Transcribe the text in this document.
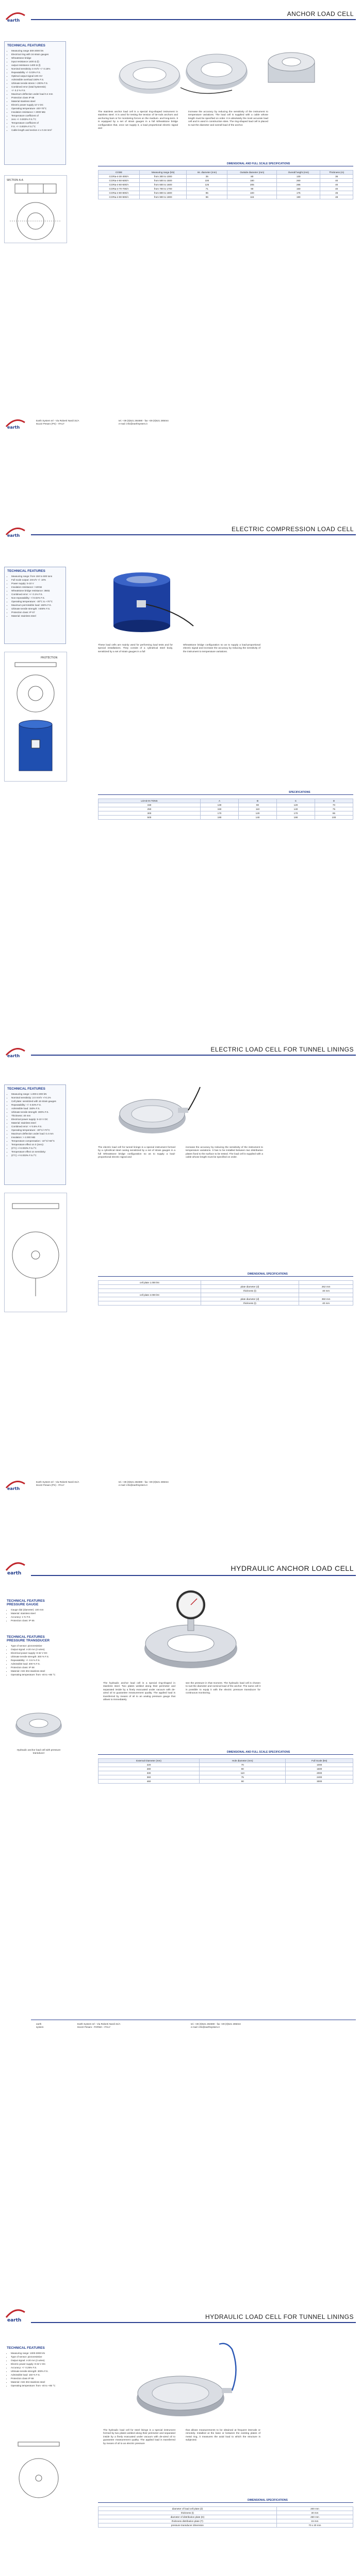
earth
ANCHOR LOAD CELL
TECHNICAL FEATURES
• Measuring range 300-2000 kN
• Electrical ring with 16 strain gauges
• Wheatstone bridge
• input resistance 1400 Ω (l)
• output resistance 1400 Ω (l)
• Nominal sensitivity 2 mV/V +/- 0.15%
• Repeatability +/- 0.03% F.S.
• Optimal output signal 100 mV
• Admissible overload 150% F.S.
• Ultimate tensile stress > 200% F.S.
• Combined error (total hysteresis)
• +/- 0.2 % F.S.
• Maximum deflection under load 0.4 mm
• Protection class IP 68
• Material stainless steel
• Electric power supply 10 V DC
• Operating temperature -20/+70°C
• Insulation resistance > 2000 MΩ
• Temperature coefficient of
• zero +/- 0.003% F.S./°C
• Temperature coefficient of
• F.S. +/- 0.003% F.S./°C
• Cable length and section 4 x 0.34 mm²
SECTION A-A
The stainless anchor load cell is a special ring-shaped instrument in stainless steel. It is used for testing the tension of tie-rods anchors and anchoring bars or for monitoring forces on the medium- and long-term. It is equipped by a set of strain gauges in a full Wheatstone bridge configuration that, once we supply it, a load proportional electric signal and
increase the accuracy by reducing the sensitivity of the instrument to temperature variations. The load cell is supplied with a cable whose length must be specified on order. It is absolutely the most accurate load cell and is used in construction sites. The ring-shaped load cell is placed to suit the diameter and overall load of the anchor.
DIMENSIONAL AND FULL SCALE SPECIFICATIONS
CODE	Measuring range (kN)	Int. diameter (mm)	Outside diameter (mm)	Overall height (mm)	Thickness (m)
CCRta-4-30-300/A	from 300 to 1000	35	80	130	36
CCRta-4-50-500/A	from 500 to 1500	100	180	260	40
CCRta-4-60-600/A	from 600 to 1600	125	205	285	40
CCRta-4-70-700/A	from 700 to 1700	71	90	150	40
CCRta-4-80-800/A	from 800 to 1800	85	100	175	45
CCRta-4-90-900/A	from 900 to 1900	96	115	190	48
earth
Earth System srl - Via Roberti Nardi 31/A
61122 Pesaro (PS) - ITALY
tel. +39 (0)521 284690 - fax +39 (0)521 285044
e-mail: info@earthsystem.it
earth
ELECTRIC COMPRESSION LOAD CELL
TECHNICAL FEATURES
• Measuring range: from 150 to 600 tons
• Full scale output: 2mV/V +/- 10%
• Power supply: 5-10 V
• Insulation resistance: >10GΩ
• Wheatstone bridge resistance: 350Ω
• Combined error: +/- 0.1% F.S.
• Non-repeatability: +/-0.02% F.S.
• Operating temperature: -30°C to +70°C
• Maximum permissible load: 150% F.S.
• Ultimate tensile strength: >300% F.S.
• Protection class: IP 67
• Material: stainless steel
PROTECTION
These load cells are mainly used for performing load tests and for special installations. They consist of a cylindrical steel body, sensitized by a set of strain gauges in a full
Wheatstone bridge configuration so as to supply a load-proportional electric signal and increase the accuracy by reducing the sensitivity of the instrument to temperature variations.
SPECIFICATIONS
LOAD IN TONS	A	B	C	D
150	130	90	120	70
250	150	110	140	75
300	170	120	170	85
500	190	140	190	100
earth
ELECTRIC LOAD CELL FOR TUNNEL LININGS
TECHNICAL FEATURES
• Measuring range: 1.000-2.000 kN
• Nominal sensitivity: 2.0 mV/V +/-0.1%
• Cell plate: sensitized with 16 strain gauges
• Repeatability: +/- 0.03% F.S.
• Admissible load: 150% F.S.
• Ultimate tensile strength: 300% F.S.
• Thickness: 40 mm
• Electrical power supply: 5-10 V DC
• Material: stainless steel
• Combined error: +/-0.5% F.S.
• Operating temperature: -30°C/+70°C
• Maximum deflection under load: 0.4 mm
• Insulation: > 2.000 MΩ
• Temperature compensation: -10°C/+60°C
• Temperature effect on 0 (zero):
• (0°C) +/-0.003% F.S./°C
• Temperature effect on sensitivity:
• (0°C) +/-0.003% F.S./°C
The electric load cell for tunnel linings is a special instrument formed by a cylindrical steel casing sensitized by a set of strain gauges in a full Wheatstone bridge configuration so as to supply a load-proportional electric signal and
increase the accuracy by reducing the sensitivity of the instrument to temperature variations. It has to be installed between two distribution plates fixed to the surface to be tested. The load cell is supplied with a cable whose length must be specified on order.
DIMENSIONAL SPECIFICATIONS
cell plate 1.000 kN		
	plate diameter (d)	262 mm
	thickness (t)	40 mm
cell plate 2.000 kN		
	plate diameter (d)	350 mm
	thickness (t)	40 mm
earth
Earth System srl - Via Roberti Nardi 31/A
61122 Pesaro (PS) - ITALY
tel. +39 (0)521 284690 - fax +39 (0)521 285044
e-mail: info@earthsystem.it
earth
HYDRAULIC ANCHOR LOAD CELL
TECHNICAL FEATURES PRESSURE GAUGE
• Gauge dial (diameter): 100 mm
• Material: stainless steel
• Accuracy: 1 % F.S.
• Protection class: IP 65
TECHNICAL FEATURES PRESSURE TRANSDUCER
• Type of sensor: piezoresistive
• Output signal: 4-20 mA (2 wires)
• Electrical power supply: 8-32 V DC
• Ultimate tensile strength: 300 % F.S.
• Repeatability: +/- 0.5 % F.S.
• Admissible load: 200 % F.S.
• Protection class: IP 68
• Material: AISI 304 stainless steel
• Operating temperature: from -40 to +85 °C
Hydraulic anchor load cell with pressure transducer
The hydraulic anchor load cell is a special ring-shaped in stainless steel. Two plates welded along their perimeter and separated inside by a finely evacuated under vacuum with de-aired oil to guarantee measurement quality. The applied load is transferred by means of oil to an analog pressure gauge that allows to immediately
see the pressure in that moment. The hydraulic load cell is chosen to suit the diameter and nominal load of the anchor. The same cell it is possible to equip it with the electric pressure transducer for continuous monitoring.
DIMENSIONAL AND FULL SCALE SPECIFICATIONS
External Diameter (mm)	Hole diameter (mm)	Full Scale (kN)
220	70	1000
280	90	1500
330	110	2000
360	75	2400
460	90	3000
earth
system
Earth System srl - Via Roberti Nardi 31/A
61122 Pesaro - PARMA - ITALY
tel. +39 (0)521 284690 - fax +39 (0)521 285044
e-mail: info@earthsystem.it
earth	HYDRAULIC LOAD CELL FOR TUNNEL LININGS
TECHNICAL FEATURES
• Measuring range: 1000-3000 kN
• Type of sensor: piezoresistive
• Output signal: 4-20 mA (2 wires)
• Electric power supply: 8-32 V DC
• Accuracy: +/- 0.25% F.S.
• Ultimate tensile strength: 300% F.S.
• Admissible load: 150 % F.S.
• Protection class IP 68
• Material: AISI 304 stainless steel
• Operating temperature: from -40 to +85 °C
The hydraulic load cell for steel linings is a special instrument formed by two plates welded along their perimeter and separated inside by a finely evacuated under vacuum with de-aired oil to guarantee measurement quality. The applied load is transferred by means of oil to an electric pressure
that allows measurements to be obtained at frequent intervals or remotely. Installed at the base or between the existing plates of metal ring, it measures the axial load to which the structure is subjected.
DIMENSIONAL SPECIFICATIONS
diameter of load cell plate (d)	200 mm
thickness (t)	30 mm
diameter of distribution plate (D)	260 mm
thickness distribution plate (T)	15 mm
pressure transducer dimension	70 x 20 mm
